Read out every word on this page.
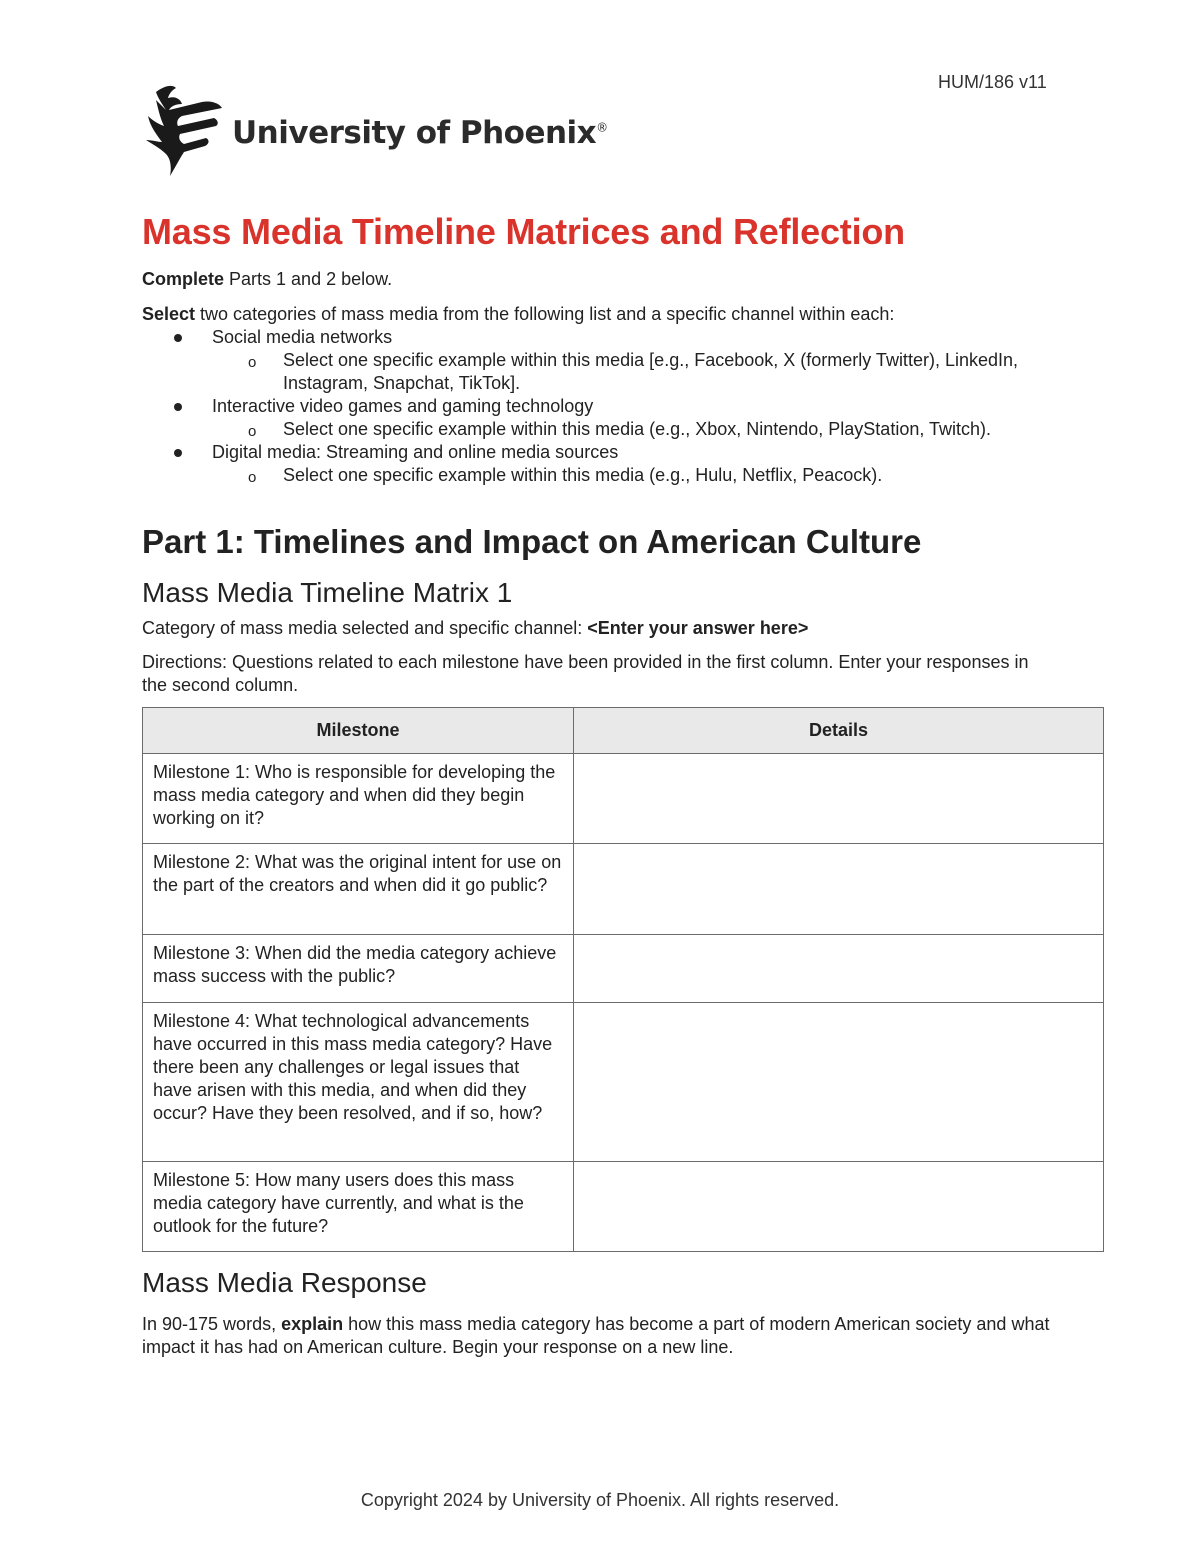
HUM/186 v11
University of Phoenix®
Mass Media Timeline Matrices and Reflection

Complete Parts 1 and 2 below.

Select two categories of mass media from the following list and a specific channel within each:
Social media networks
o Select one specific example within this media [e.g., Facebook, X (formerly Twitter), LinkedIn, Instagram, Snapchat, TikTok].
Interactive video games and gaming technology
o Select one specific example within this media (e.g., Xbox, Nintendo, PlayStation, Twitch).
Digital media: Streaming and online media sources
o Select one specific example within this media (e.g., Hulu, Netflix, Peacock).
Part 1: Timelines and Impact on American Culture
Mass Media Timeline Matrix 1

Category of mass media selected and specific channel: <Enter your answer here>

Directions: Questions related to each milestone have been provided in the first column. Enter your responses in the second column.

Milestone	Details
Milestone 1: Who is responsible for developing the mass media category and when did they begin working on it?	
Milestone 2: What was the original intent for use on the part of the creators and when did it go public?	
Milestone 3: When did the media category achieve mass success with the public?	
Milestone 4: What technological advancements have occurred in this mass media category? Have there been any challenges or legal issues that have arisen with this media, and when did they occur? Have they been resolved, and if so, how?	
Milestone 5: How many users does this mass media category have currently, and what is the outlook for the future?	
Mass Media Response

In 90-175 words, explain how this mass media category has become a part of modern American society and what impact it has had on American culture. Begin your response on a new line.

Copyright 2024 by University of Phoenix. All rights reserved.
